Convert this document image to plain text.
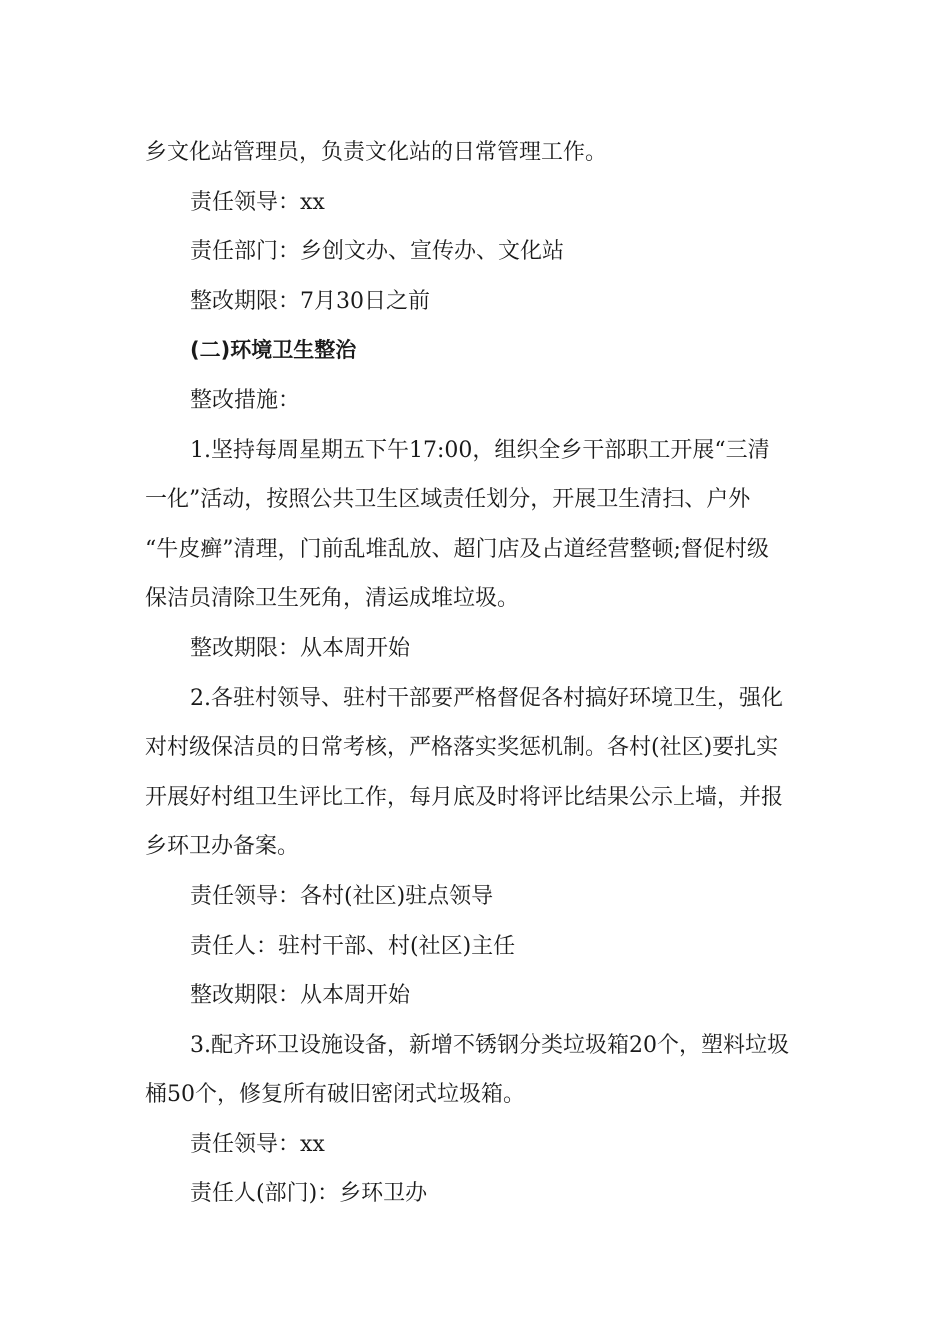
乡文化站管理员，负责文化站的日常管理工作。
责任领导：xx
责任部门：乡创文办、宣传办、文化站
整改期限：7月30日之前
(二)环境卫生整治
整改措施：
1.坚持每周星期五下午17:00，组织全乡干部职工开展“三清
一化”活动，按照公共卫生区域责任划分，开展卫生清扫、户外
“牛皮癣”清理，门前乱堆乱放、超门店及占道经营整顿;督促村级
保洁员清除卫生死角，清运成堆垃圾。
整改期限：从本周开始
2.各驻村领导、驻村干部要严格督促各村搞好环境卫生，强化
对村级保洁员的日常考核，严格落实奖惩机制。各村(社区)要扎实
开展好村组卫生评比工作，每月底及时将评比结果公示上墙，并报
乡环卫办备案。
责任领导：各村(社区)驻点领导
责任人：驻村干部、村(社区)主任
整改期限：从本周开始
3.配齐环卫设施设备，新增不锈钢分类垃圾箱20个，塑料垃圾
桶50个，修复所有破旧密闭式垃圾箱。
责任领导：xx
责任人(部门)：乡环卫办
